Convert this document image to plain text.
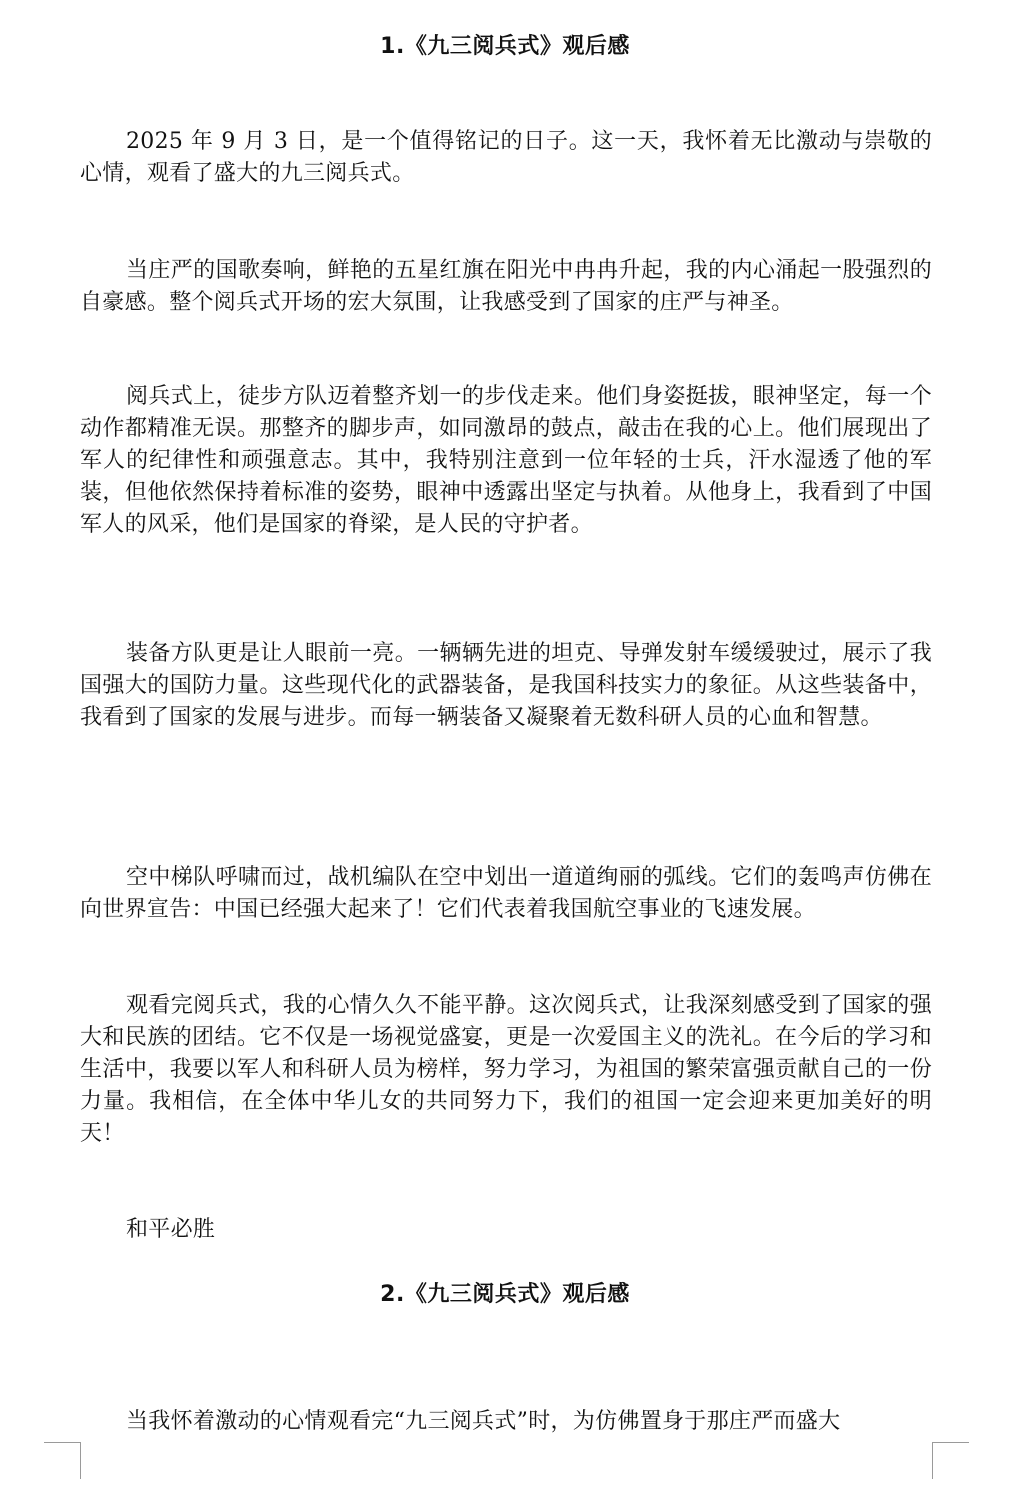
1.《九三阅兵式》观后感

2025 年 9 月 3 日，是一个值得铭记的日子。这一天，我怀着无比激动与崇敬的心情，观看了盛大的九三阅兵式。

当庄严的国歌奏响，鲜艳的五星红旗在阳光中冉冉升起，我的内心涌起一股强烈的自豪感。整个阅兵式开场的宏大氛围，让我感受到了国家的庄严与神圣。

阅兵式上，徒步方队迈着整齐划一的步伐走来。他们身姿挺拔，眼神坚定，每一个动作都精准无误。那整齐的脚步声，如同激昂的鼓点，敲击在我的心上。他们展现出了军人的纪律性和顽强意志。其中，我特别注意到一位年轻的士兵，汗水湿透了他的军装，但他依然保持着标准的姿势，眼神中透露出坚定与执着。从他身上，我看到了中国军人的风采，他们是国家的脊梁，是人民的守护者。

装备方队更是让人眼前一亮。一辆辆先进的坦克、导弹发射车缓缓驶过，展示了我国强大的国防力量。这些现代化的武器装备，是我国科技实力的象征。从这些装备中，我看到了国家的发展与进步。而每一辆装备又凝聚着无数科研人员的心血和智慧。

空中梯队呼啸而过，战机编队在空中划出一道道绚丽的弧线。它们的轰鸣声仿佛在向世界宣告：中国已经强大起来了！它们代表着我国航空事业的飞速发展。

观看完阅兵式，我的心情久久不能平静。这次阅兵式，让我深刻感受到了国家的强大和民族的团结。它不仅是一场视觉盛宴，更是一次爱国主义的洗礼。在今后的学习和生活中，我要以军人和科研人员为榜样，努力学习，为祖国的繁荣富强贡献自己的一份力量。我相信，在全体中华儿女的共同努力下，我们的祖国一定会迎来更加美好的明天！

和平必胜

2.《九三阅兵式》观后感

当我怀着激动的心情观看完“九三阅兵式”时，为仿佛置身于那庄严而盛大
